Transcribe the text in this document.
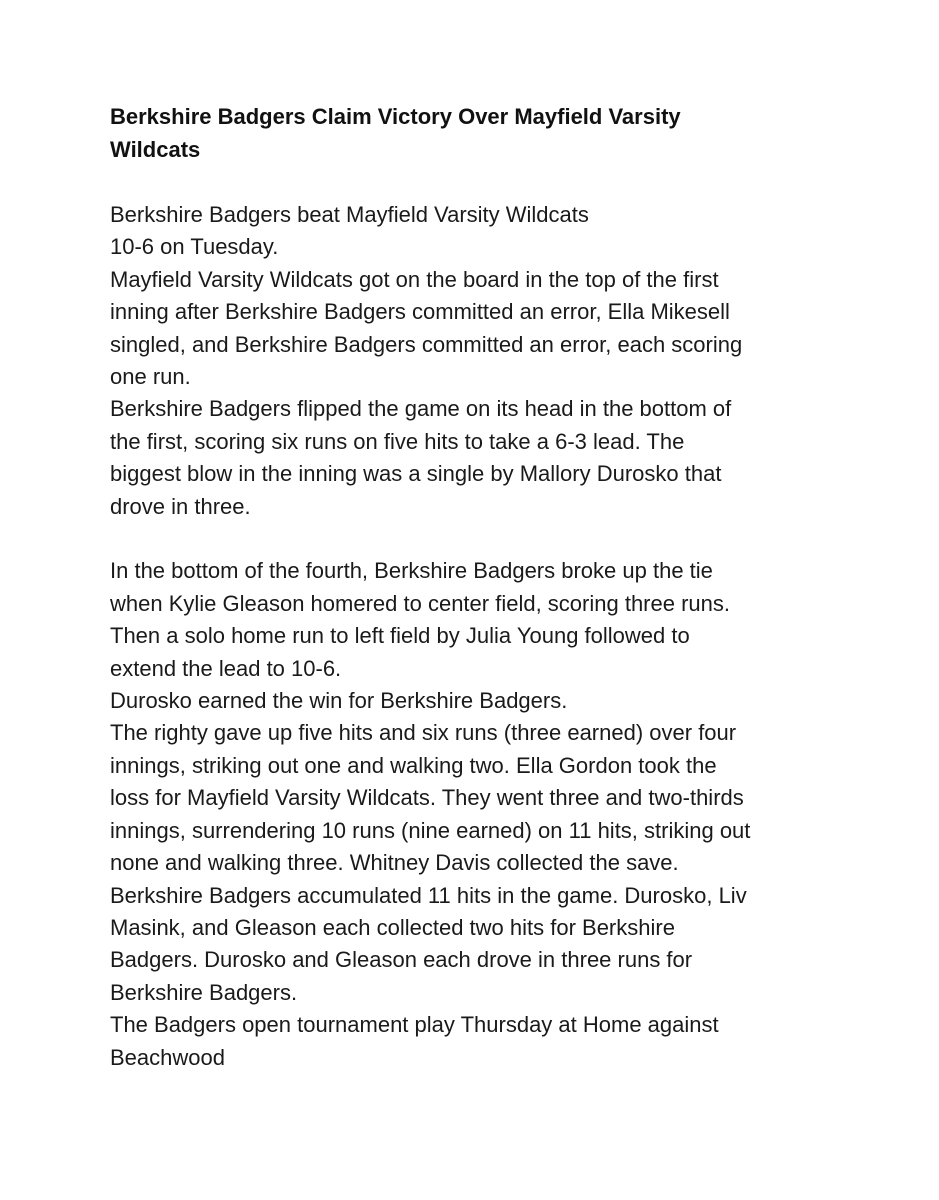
Berkshire Badgers Claim Victory Over Mayfield Varsity
Wildcats
Berkshire Badgers beat Mayfield Varsity Wildcats
10-6 on Tuesday.
Mayfield Varsity Wildcats got on the board in the top of the first
inning after Berkshire Badgers committed an error, Ella Mikesell
singled, and Berkshire Badgers committed an error, each scoring
one run.
Berkshire Badgers flipped the game on its head in the bottom of
the first, scoring six runs on five hits to take a 6-3 lead. The
biggest blow in the inning was a single by Mallory Durosko that
drove in three.
In the bottom of the fourth, Berkshire Badgers broke up the tie
when Kylie Gleason homered to center field, scoring three runs.
Then a solo home run to left field by Julia Young followed to
extend the lead to 10-6.
Durosko earned the win for Berkshire Badgers.
The righty gave up five hits and six runs (three earned) over four
innings, striking out one and walking two. Ella Gordon took the
loss for Mayfield Varsity Wildcats. They went three and two-thirds
innings, surrendering 10 runs (nine earned) on 11 hits, striking out
none and walking three. Whitney Davis collected the save.
Berkshire Badgers accumulated 11 hits in the game. Durosko, Liv
Masink, and Gleason each collected two hits for Berkshire
Badgers. Durosko and Gleason each drove in three runs for
Berkshire Badgers.
The Badgers open tournament play Thursday at Home against
Beachwood
